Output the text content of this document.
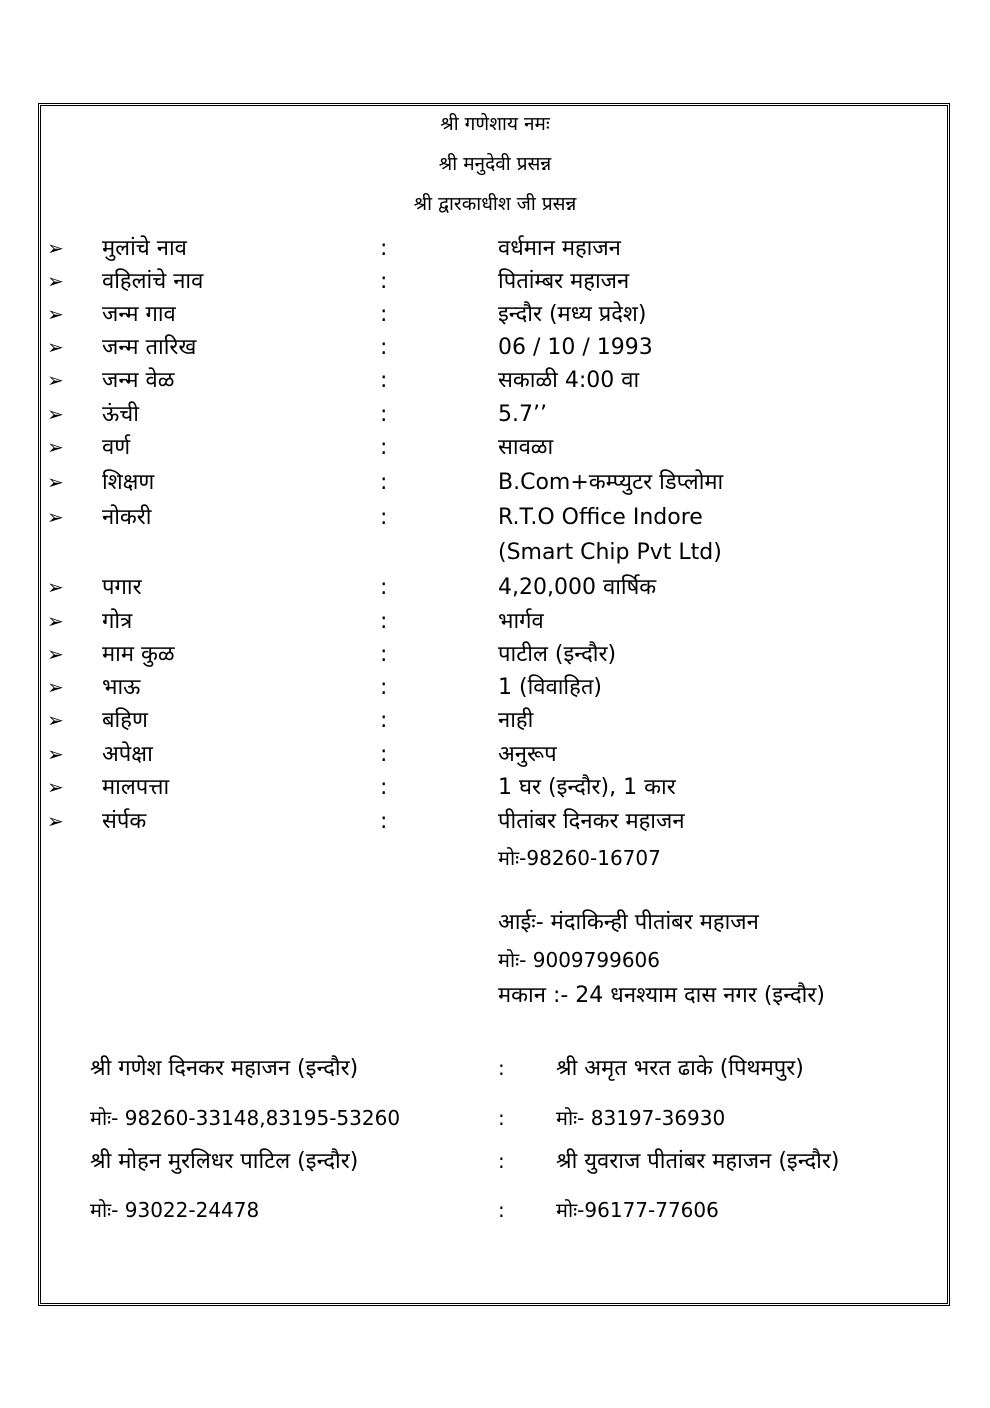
श्री गणेशाय नमः
श्री मनुदेवी प्रसन्न
श्री द्वारकाधीश जी प्रसन्न
➢ मुलांचे नाव	:	वर्धमान महाजन
➢ वहिलांचे नाव	:	पितांम्बर महाजन
➢ जन्म गाव	:	इन्दौर (मध्य प्रदेश)
➢ जन्म तारिख	:	06 / 10 / 1993
➢ जन्म वेळ	:	सकाळी 4:00 वा
➢ ऊंची	:	5.7’’
➢ वर्ण	:	सावळा
➢ शिक्षण	:	B.Com+कम्प्युटर डिप्लोमा
➢ नोकरी	:	R.T.O Office Indore
(Smart Chip Pvt Ltd)
➢ पगार	:	4,20,000 वार्षिक
➢ गोत्र	:	भार्गव
➢ माम कुळ	:	पाटील (इन्दौर)
➢ भाऊ	:	1 (विवाहित)
➢ बहिण	:	नाही
➢ अपेक्षा	:	अनुरूप
➢ मालपत्ता	:	1 घर (इन्दौर), 1 कार
➢ संर्पक	:	पीतांबर दिनकर महाजन
मोः-98260-16707
आईः- मंदाकिन्ही पीतांबर महाजन
मोः- 9009799606
मकान :- 24 धनश्याम दास नगर (इन्दौर)
श्री गणेश दिनकर महाजन (इन्दौर)	: श्री अमृत भरत ढाके (पिथमपुर)
मोः- 98260-33148,83195-53260	:	मोः- 83197-36930
श्री मोहन मुरलिधर पाटिल (इन्दौर)	: श्री युवराज पीतांबर महाजन (इन्दौर)
मोः- 93022-24478	:	मोः-96177-77606
